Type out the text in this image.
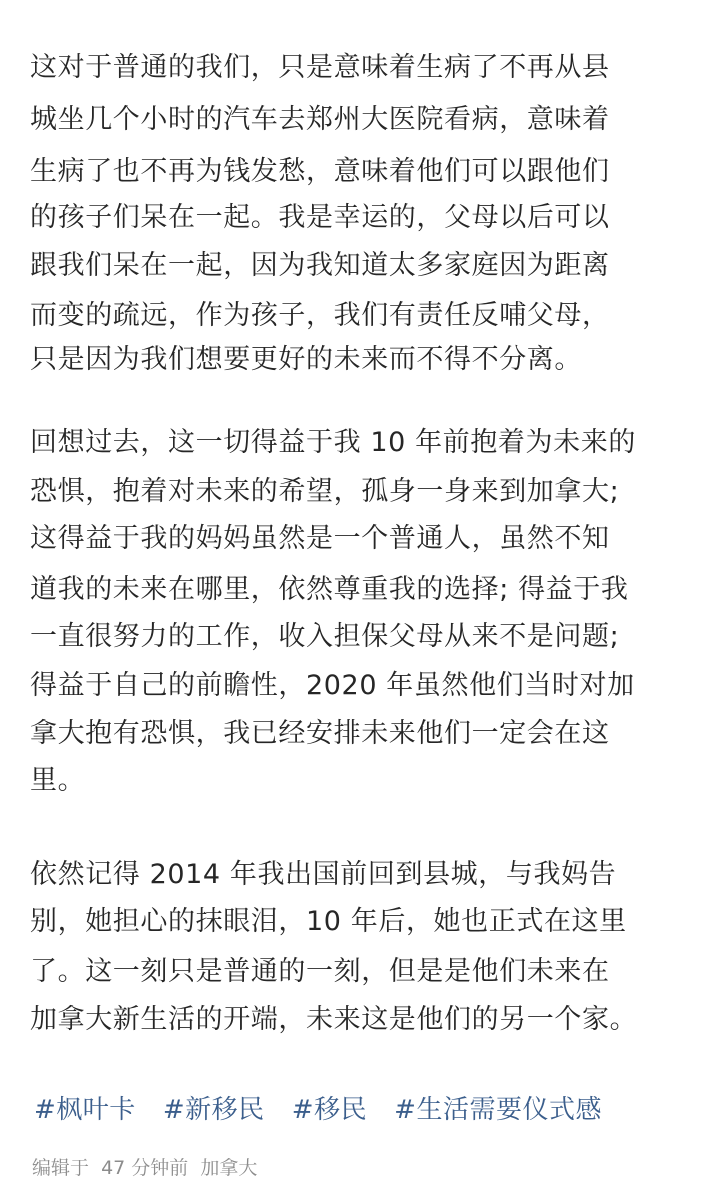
这对于普通的我们，只是意味着生病了不再从县
城坐几个小时的汽车去郑州大医院看病，意味着
生病了也不再为钱发愁，意味着他们可以跟他们
的孩子们呆在一起。我是幸运的，父母以后可以
跟我们呆在一起，因为我知道太多家庭因为距离
而变的疏远，作为孩子，我们有责任反哺父母，
只是因为我们想要更好的未来而不得不分离。
回想过去，这一切得益于我 10 年前抱着为未来的
恐惧，抱着对未来的希望，孤身一身来到加拿大;
这得益于我的妈妈虽然是一个普通人，虽然不知
道我的未来在哪里，依然尊重我的选择; 得益于我
一直很努力的工作，收入担保父母从来不是问题;
得益于自己的前瞻性，2020 年虽然他们当时对加
拿大抱有恐惧，我已经安排未来他们一定会在这
里。
依然记得 2014 年我出国前回到县城，与我妈告
别，她担心的抹眼泪，10 年后，她也正式在这里
了。这一刻只是普通的一刻，但是是他们未来在
加拿大新生活的开端，未来这是他们的另一个家。
#枫叶卡 #新移民 #移民 #生活需要仪式感
编辑于 47 分钟前 加拿大
